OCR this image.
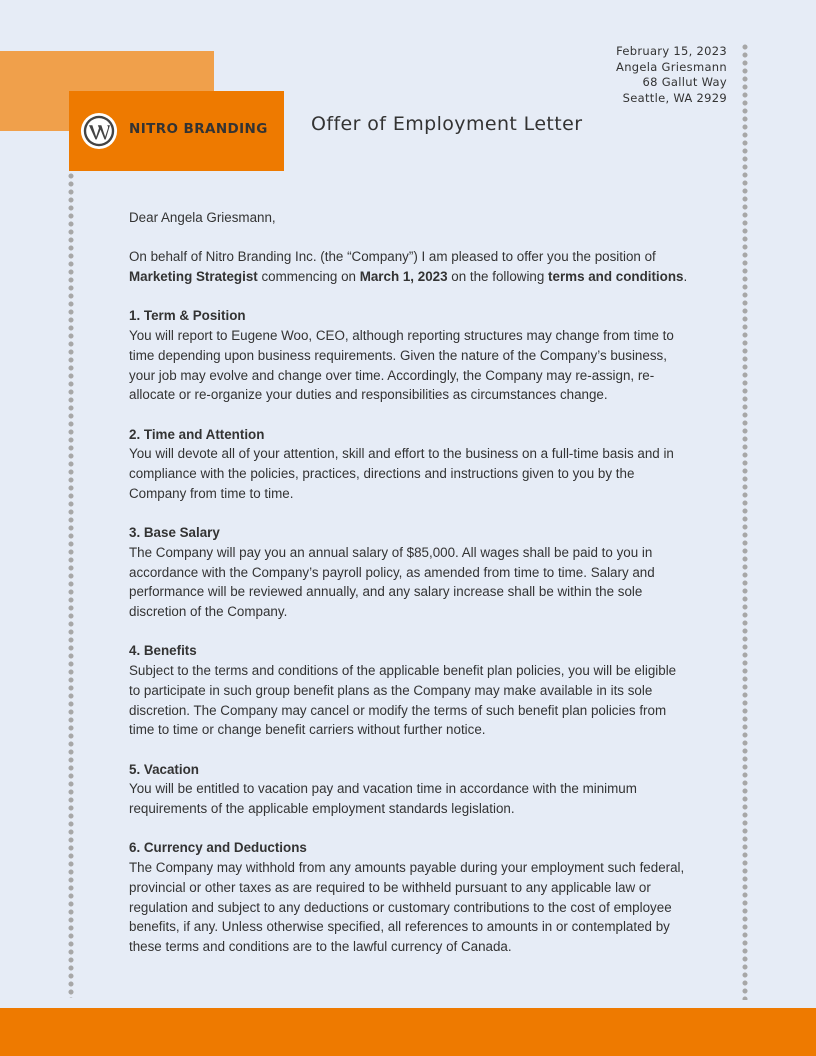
NITRO BRANDING Offer of Employment Letter
February 15, 2023
Angela Griesmann
68 Gallut Way
Seattle, WA 2929

Dear Angela Griesmann,

On behalf of Nitro Branding Inc. (the “Company”) I am pleased to offer you the position of Marketing Strategist commencing on March 1, 2023 on the following terms and conditions.

1. Term & Position
You will report to Eugene Woo, CEO, although reporting structures may change from time to time depending upon business requirements. Given the nature of the Company’s business, your job may evolve and change over time. Accordingly, the Company may re-assign, re-allocate or re-organize your duties and responsibilities as circumstances change.
2. Time and Attention
You will devote all of your attention, skill and effort to the business on a full-time basis and in compliance with the policies, practices, directions and instructions given to you by the Company from time to time.
3. Base Salary
The Company will pay you an annual salary of $85,000. All wages shall be paid to you in accordance with the Company’s payroll policy, as amended from time to time. Salary and performance will be reviewed annually, and any salary increase shall be within the sole discretion of the Company.
4. Benefits
Subject to the terms and conditions of the applicable benefit plan policies, you will be eligible to participate in such group benefit plans as the Company may make available in its sole discretion. The Company may cancel or modify the terms of such benefit plan policies from time to time or change benefit carriers without further notice.
5. Vacation
You will be entitled to vacation pay and vacation time in accordance with the minimum requirements of the applicable employment standards legislation.
6. Currency and Deductions
The Company may withhold from any amounts payable during your employment such federal, provincial or other taxes as are required to be withheld pursuant to any applicable law or regulation and subject to any deductions or customary contributions to the cost of employee benefits, if any. Unless otherwise specified, all references to amounts in or contemplated by these terms and conditions are to the lawful currency of Canada.
